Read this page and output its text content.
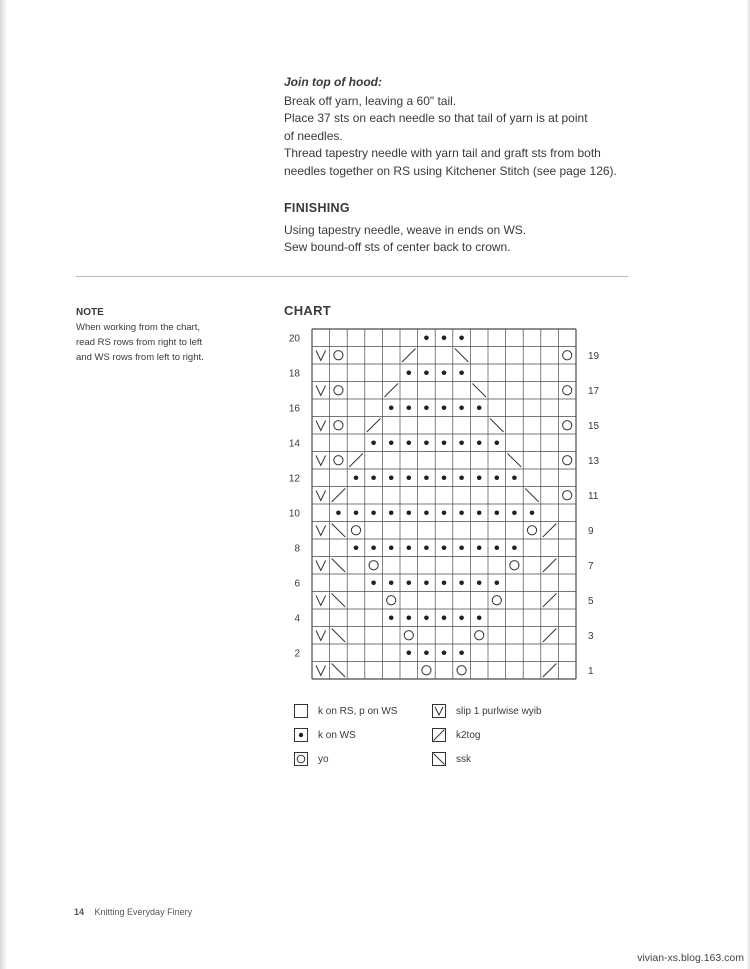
Join top of hood:
Break off yarn, leaving a 60" tail.
Place 37 sts on each needle so that tail of yarn is at point
of needles.
Thread tapestry needle with yarn tail and graft sts from both
needles together on RS using Kitchener Stitch (see page 126).
FINISHING
Using tapestry needle, weave in ends on WS.
Sew bound-off sts of center back to crown.
NOTE
When working from the chart,
read RS rows from right to left
and WS rows from left to right.
CHART
20
18
16
14
12
10
8
6
4
2
19
17
15
13
11
9
7
5
3
1
k on RS, p on WS
k on WS
yo
slip 1 purlwise wyib
k2tog
ssk
14 Knitting Everyday Finery
vivian-xs.blog.163.com
